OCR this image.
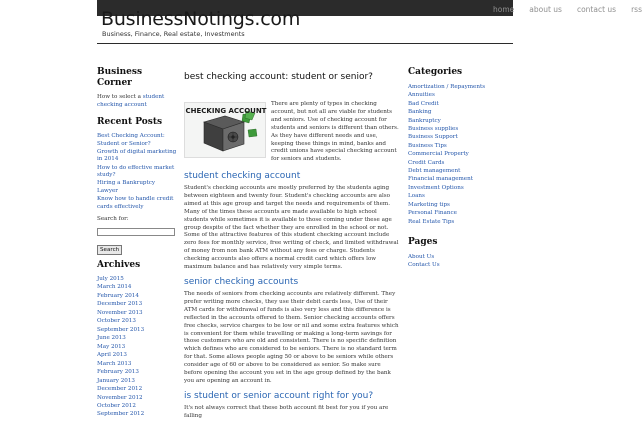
home about us contact us rss
BusinessNotings.com
Business, Finance, Real estate, Investments
Business Corner
How to select a student checking account
Recent Posts
Best Checking Account: Student or Senior?
Growth of digital marketing in 2014
How to do effective market study?
Hiring a Bankruptcy Lawyer
Know how to handle credit cards effectively
Search for:
Search
Archives
July 2015
March 2014
February 2014
December 2013
November 2013
October 2013
September 2013
June 2013
May 2013
April 2013
March 2013
February 2013
January 2013
December 2012
November 2012
October 2012
September 2012
best checking account: student or senior?
CHECKING ACCOUNT
There are plenty of types in checking account, but not all are viable for students and seniors. Use of checking account for students and seniors is different than others. As they have different needs and use, keeping these things in mind, banks and credit unions have special checking account for seniors and students.
student checking account
Student's checking accounts are mostly preferred by the students aging between eighteen and twenty four. Student's checking accounts are also aimed at this age group and target the needs and requirements of them. Many of the times these accounts are made available to high school students while sometimes it is available to those coming under these age group despite of the fact whether they are enrolled in the school or not. Some of the attractive features of this student checking account include zero fees for monthly service, free writing of check, and limited withdrawal of money from non bank ATM without any fees or charge. Students checking accounts also offers a normal credit card which offers low maximum balance and has relatively very simple terms.
senior checking accounts
The needs of seniors from checking accounts are relatively different. They prefer writing more checks, they use their debit cards less, Use of their ATM cards for withdrawal of funds is also very less and this difference is reflected in the accounts offered to them. Senior checking accounts offers free checks, service charges to be low or nil and some extra features which is convenient for them while travelling or making a long-term savings for those customers who are old and consistent. There is no specific definition which defines who are considered to be seniors. There is no standard term for that. Some allows people aging 50 or above to be seniors while others consider age of 60 or above to be considered as senior. So make sure before opening the account you set in the age group defined by the bank you are opening an account in.
is student or senior account right for you?
It's not always correct that these both account fit best for you if you are falling
Categories
Amortization / Repayments
Annuities
Bad Credit
Banking
Bankruptcy
Business supplies
Business Support
Business Tips
Commercial Property
Credit Cards
Debt management
Financial management
Investment Options
Loans
Marketing tips
Personal Finance
Real Estate Tips
Pages
About Us
Contact Us
